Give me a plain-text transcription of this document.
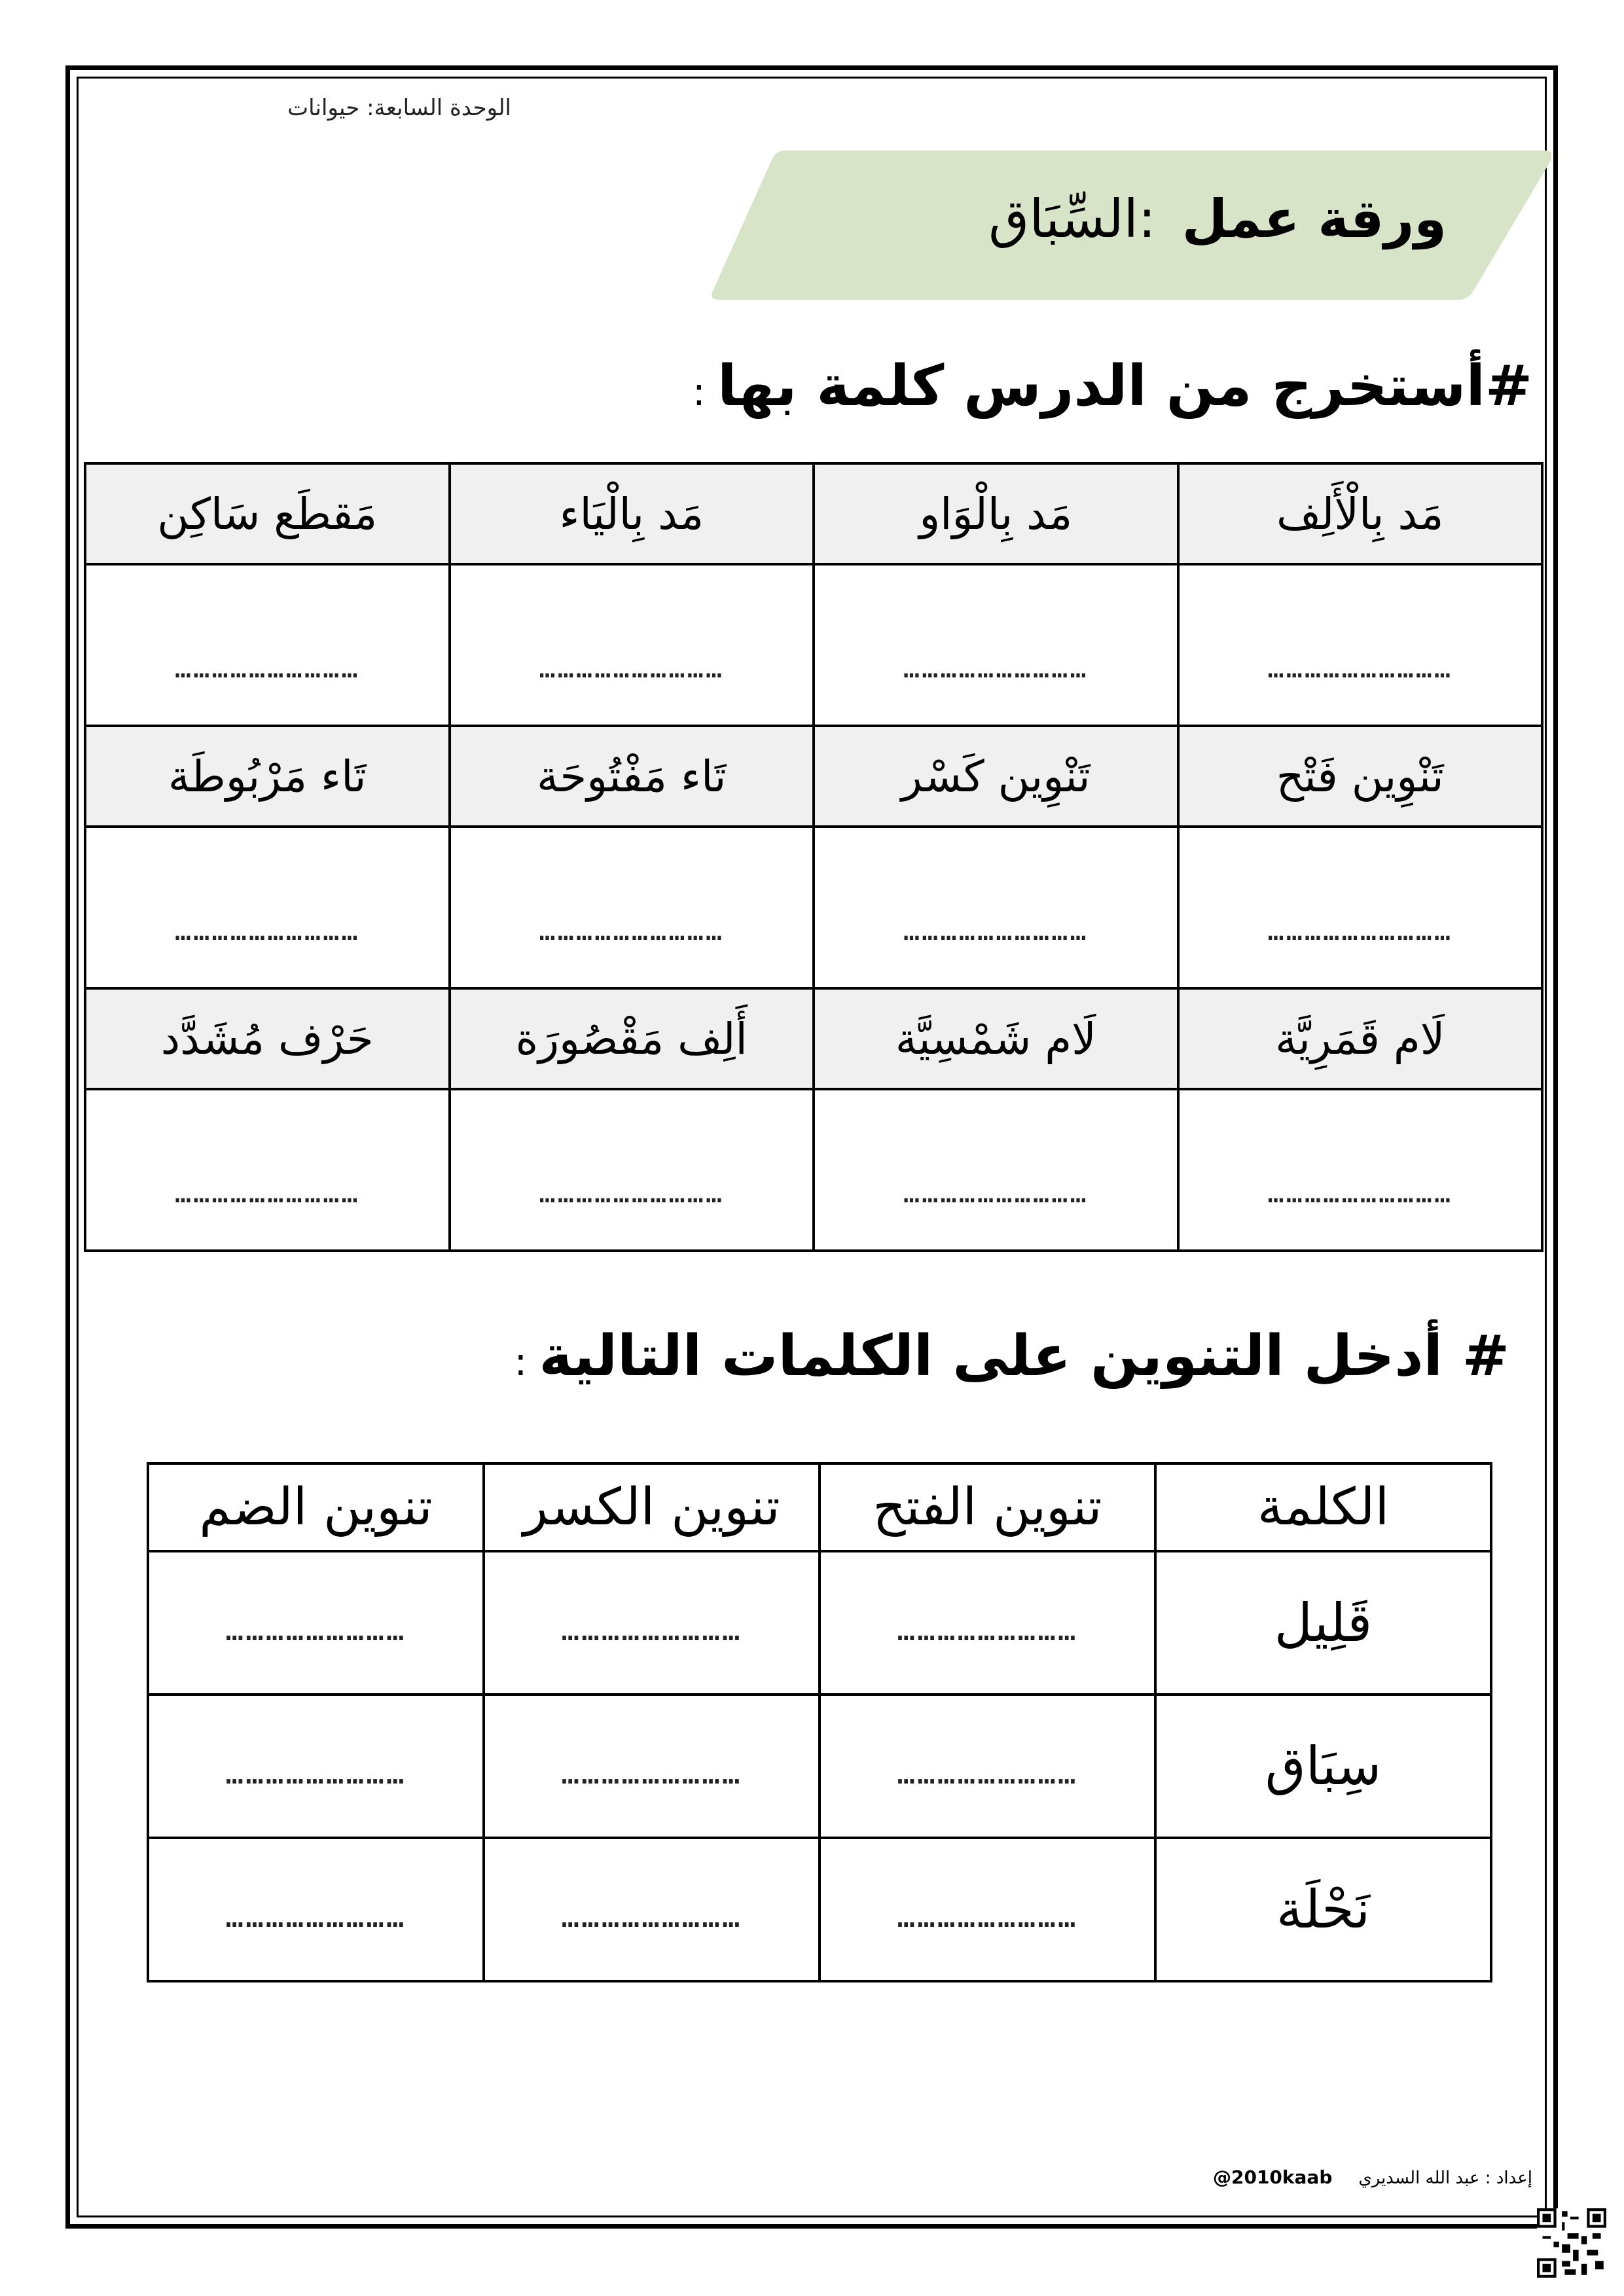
الوحدة السابعة: حيوانات
ورقة عمل:السِّبَاق
#أستخرج من الدرس كلمة بها:
مَد بِالْأَلِف	مَد بِالْوَاو	مَد بِالْيَاء	مَقطَع سَاكِن
…………………………	…………………………	…………………………	…………………………
تَنْوِين فَتْح	تَنْوِين كَسْر	تَاء مَفْتُوحَة	تَاء مَرْبُوطَة
…………………………	…………………………	…………………………	…………………………
لَام قَمَرِيَّة	لَام شَمْسِيَّة	أَلِف مَقْصُورَة	حَرْف مُشَدَّد
…………………………	…………………………	…………………………	…………………………
# أدخل التنوين على الكلمات التالية:
الكلمة	تنوين الفتح	تنوين الكسر	تنوين الضم
قَلِيل	………………………	………………………	………………………
سِبَاق	………………………	………………………	………………………
نَحْلَة	………………………	………………………	………………………
إعداد : عبد الله السديري@2010kaab
